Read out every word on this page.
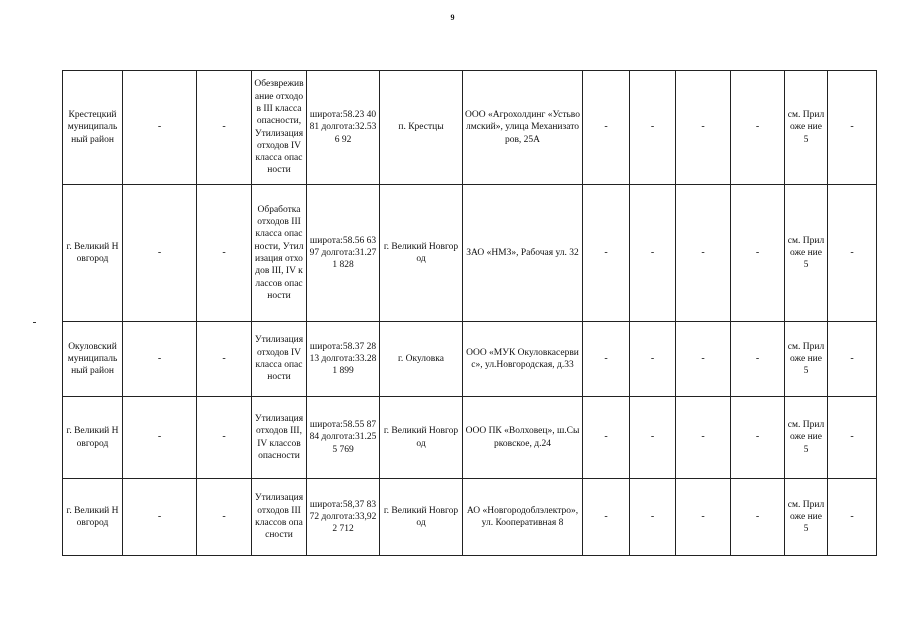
9
Крестецкий муниципаль ный район	-	-	Обезврежив ание отходов III класса опасности, Утилизация отходов IV класса опасности	широта:58.23 4081 долгота:32.536 92	п. Крестцы	ООО «Агрохолдинг «Устьволмский», улица Механизаторов, 25А	-	-	-	-	см. Приложе ние 5	-
г. Великий Новгород	-	-	Обработка отходов III класса опасности, Утилизация отходов III, IV классов опасности	широта:58.56 6397 долгота:31.271 828	г. Великий Новгород	ЗАО «НМЗ», Рабочая ул. 32	-	-	-	-	см. Приложе ние 5	-
Окуловский муниципаль ный район	-	-	Утилизация отходов IV класса опасности	широта:58.37 2813 долгота:33.281 899	г. Окуловка	ООО «МУК Окуловкасервис», ул.Новгородская, д.33	-	-	-	-	см. Приложе ние 5	-
г. Великий Новгород	-	-	Утилизация отходов III, IV классов опасности	широта:58.55 8784 долгота:31.255 769	г. Великий Новгород	ООО ПК «Волховец», ш.Сырковское, д.24	-	-	-	-	см. Приложе ние 5	-
г. Великий Новгород	-	-	Утилизация отходов III классов опасности	широта:58,37 8372 долгота:33,922 712	г. Великий Новгород	АО «Новгородоблэлектро», ул. Кооперативная 8	-	-	-	-	см. Приложе ние 5	-
